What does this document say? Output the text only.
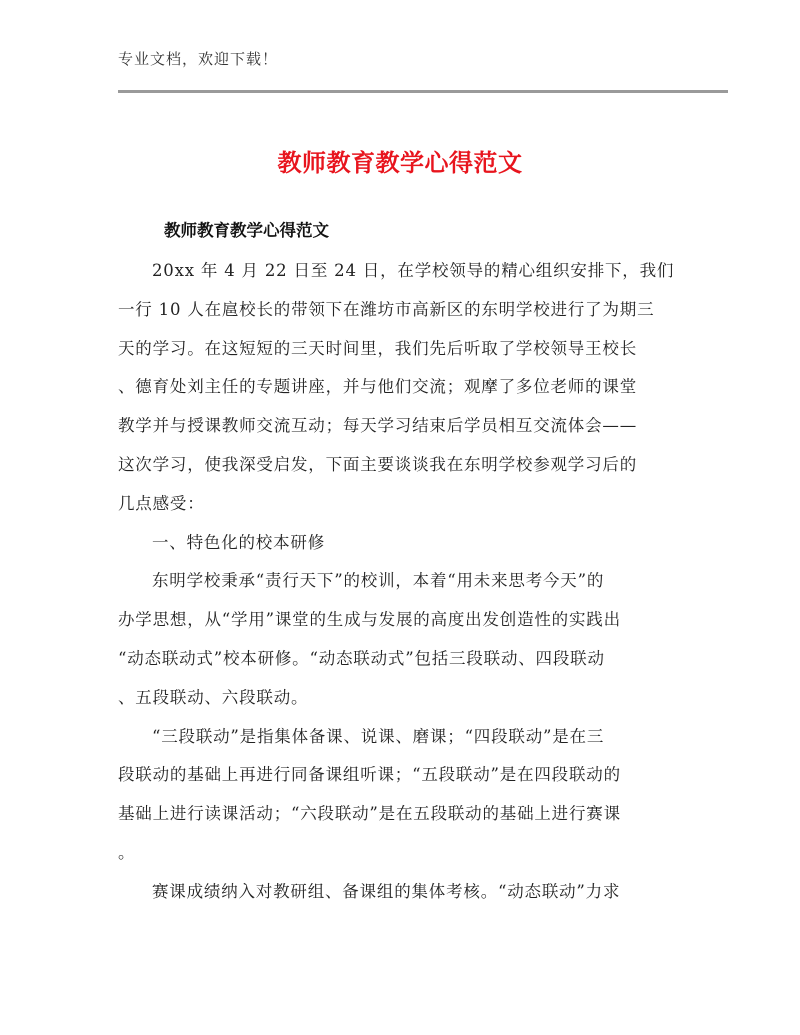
专业文档，欢迎下载！
教师教育教学心得范文
教师教育教学心得范文
20xx 年 4 月 22 日至 24 日，在学校领导的精心组织安排下，我们
一行 10 人在扈校长的带领下在潍坊市高新区的东明学校进行了为期三
天的学习。在这短短的三天时间里，我们先后听取了学校领导王校长
、德育处刘主任的专题讲座，并与他们交流；观摩了多位老师的课堂
教学并与授课教师交流互动；每天学习结束后学员相互交流体会——
这次学习，使我深受启发，下面主要谈谈我在东明学校参观学习后的
几点感受：
一、特色化的校本研修
东明学校秉承“责行天下”的校训，本着“用未来思考今天”的
办学思想，从“学用”课堂的生成与发展的高度出发创造性的实践出
“动态联动式”校本研修。“动态联动式”包括三段联动、四段联动
、五段联动、六段联动。
“三段联动”是指集体备课、说课、磨课；“四段联动”是在三
段联动的基础上再进行同备课组听课；“五段联动”是在四段联动的
基础上进行读课活动；“六段联动”是在五段联动的基础上进行赛课
。
赛课成绩纳入对教研组、备课组的集体考核。“动态联动”力求
